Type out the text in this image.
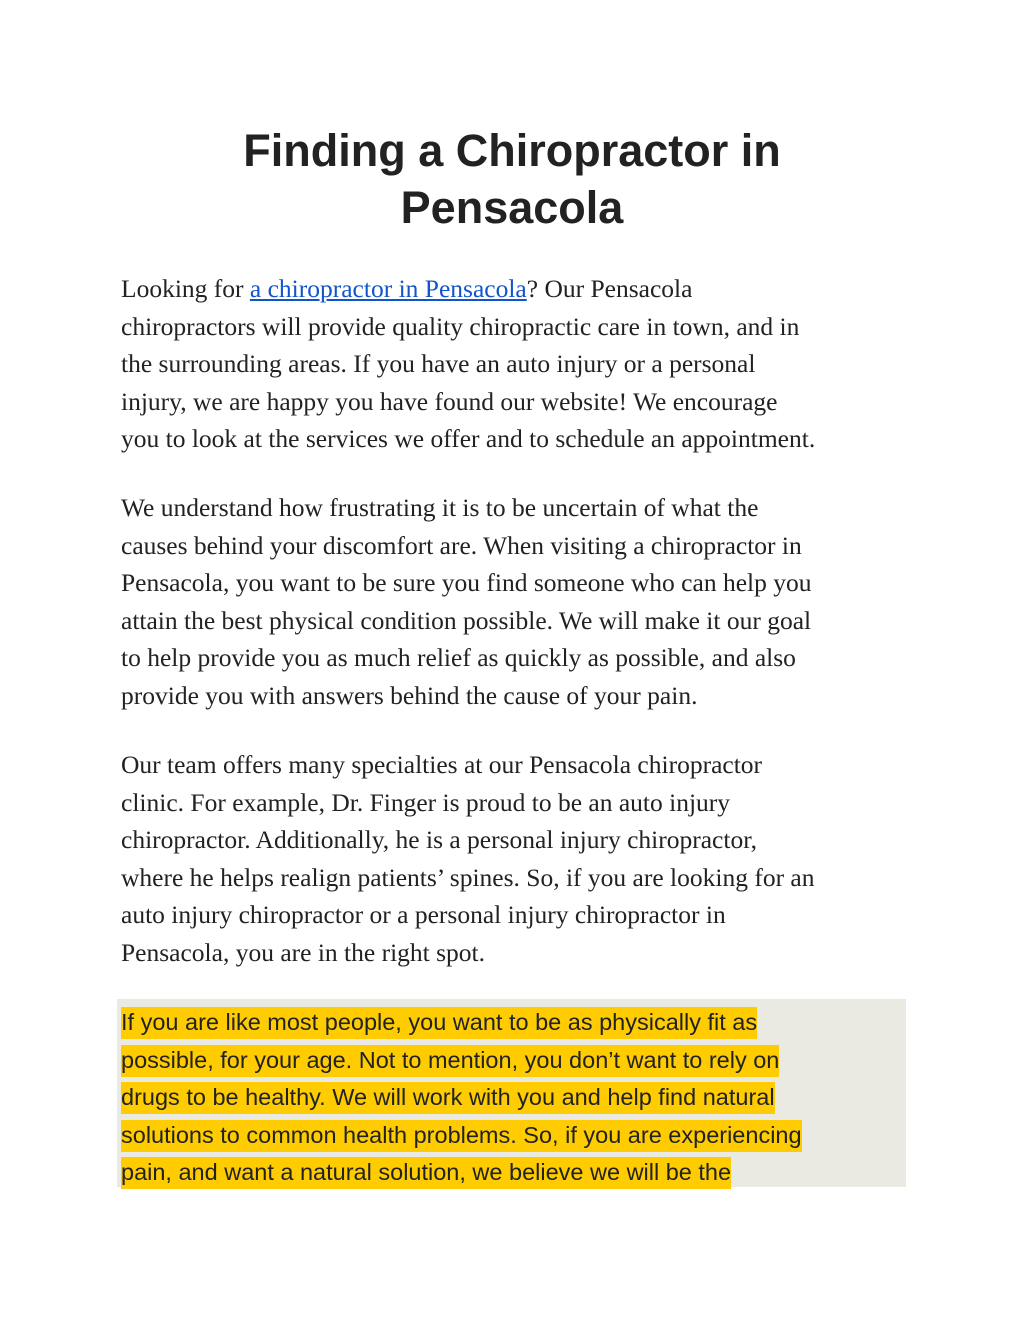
Finding a Chiropractor in
Pensacola

Looking for a chiropractor in Pensacola? Our Pensacola
chiropractors will provide quality chiropractic care in town, and in
the surrounding areas. If you have an auto injury or a personal
injury, we are happy you have found our website! We encourage
you to look at the services we offer and to schedule an appointment.

We understand how frustrating it is to be uncertain of what the
causes behind your discomfort are. When visiting a chiropractor in
Pensacola, you want to be sure you find someone who can help you
attain the best physical condition possible. We will make it our goal
to help provide you as much relief as quickly as possible, and also
provide you with answers behind the cause of your pain.

Our team offers many specialties at our Pensacola chiropractor
clinic. For example, Dr. Finger is proud to be an auto injury
chiropractor. Additionally, he is a personal injury chiropractor,
where he helps realign patients’ spines. So, if you are looking for an
auto injury chiropractor or a personal injury chiropractor in
Pensacola, you are in the right spot.

If you are like most people, you want to be as physically fit as
possible, for your age. Not to mention, you don’t want to rely on
drugs to be healthy. We will work with you and help find natural
solutions to common health problems. So, if you are experiencing
pain, and want a natural solution, we believe we will be the
